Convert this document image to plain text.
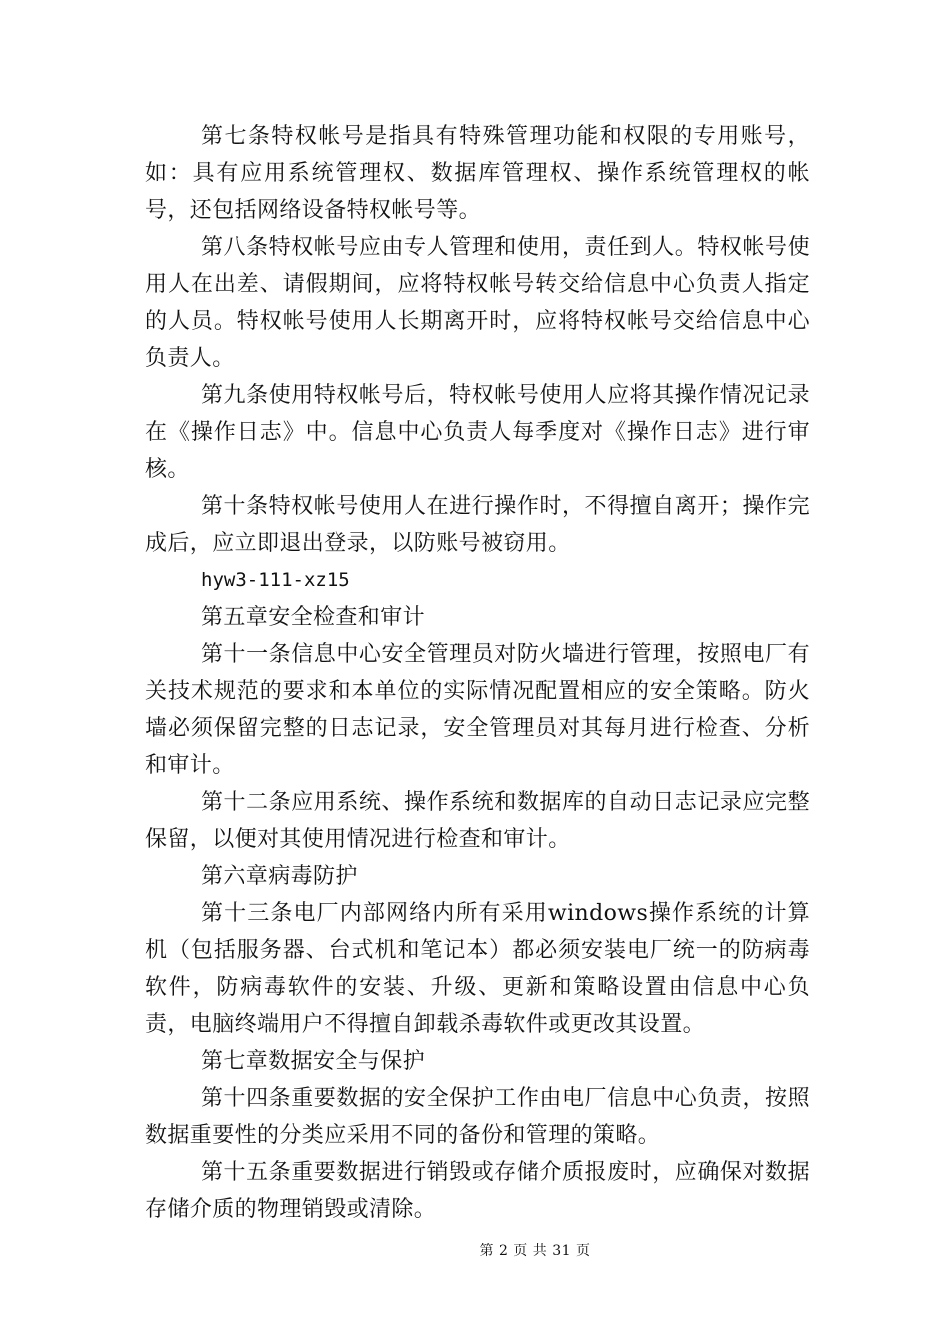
第七条特权帐号是指具有特殊管理功能和权限的专用账号，如：具有应用系统管理权、数据库管理权、操作系统管理权的帐号，还包括网络设备特权帐号等。

第八条特权帐号应由专人管理和使用，责任到人。特权帐号使用人在出差、请假期间，应将特权帐号转交给信息中心负责人指定的人员。特权帐号使用人长期离开时，应将特权帐号交给信息中心负责人。

第九条使用特权帐号后，特权帐号使用人应将其操作情况记录在《操作日志》中。信息中心负责人每季度对《操作日志》进行审核。

第十条特权帐号使用人在进行操作时，不得擅自离开；操作完成后，应立即退出登录，以防账号被窃用。

hyw3-111-xz15

第五章安全检查和审计

第十一条信息中心安全管理员对防火墙进行管理，按照电厂有关技术规范的要求和本单位的实际情况配置相应的安全策略。防火墙必须保留完整的日志记录，安全管理员对其每月进行检查、分析和审计。

第十二条应用系统、操作系统和数据库的自动日志记录应完整保留，以便对其使用情况进行检查和审计。

第六章病毒防护

第十三条电厂内部网络内所有采用windows操作系统的计算机（包括服务器、台式机和笔记本）都必须安装电厂统一的防病毒软件，防病毒软件的安装、升级、更新和策略设置由信息中心负责，电脑终端用户不得擅自卸载杀毒软件或更改其设置。

第七章数据安全与保护

第十四条重要数据的安全保护工作由电厂信息中心负责，按照数据重要性的分类应采用不同的备份和管理的策略。

第十五条重要数据进行销毁或存储介质报废时，应确保对数据存储介质的物理销毁或清除。

第 2 页 共 31 页
